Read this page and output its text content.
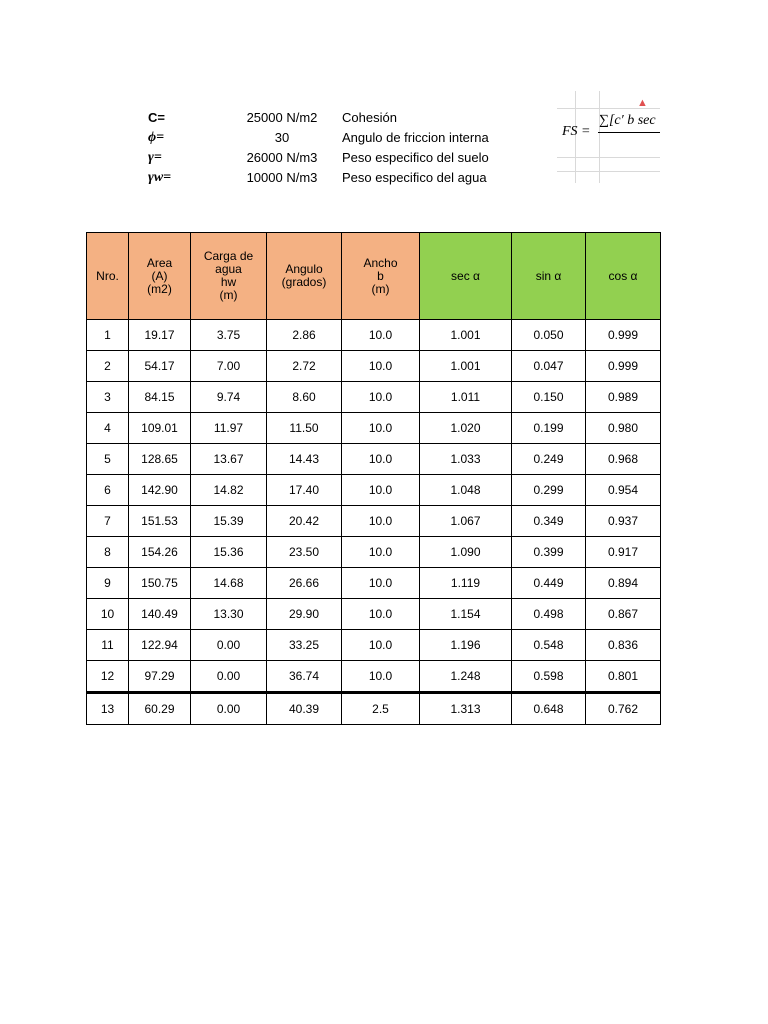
C=	25000 N/m2	Cohesión
ϕ=	30	Angulo de friccion interna
γ=	26000 N/m3	Peso especifico del suelo
γw=	10000 N/m3	Peso especifico del agua
▲
FS =
∑[c′ b sec
Nro.	Area
(A)
(m2)	Carga de
agua
hw
(m)	Angulo
(grados)	Ancho
b
(m)	sec α	sin α	cos α

1	19.17	3.75	2.86	10.0	1.001	0.050	0.999
2	54.17	7.00	2.72	10.0	1.001	0.047	0.999
3	84.15	9.74	8.60	10.0	1.011	0.150	0.989
4	109.01	11.97	11.50	10.0	1.020	0.199	0.980
5	128.65	13.67	14.43	10.0	1.033	0.249	0.968
6	142.90	14.82	17.40	10.0	1.048	0.299	0.954
7	151.53	15.39	20.42	10.0	1.067	0.349	0.937
8	154.26	15.36	23.50	10.0	1.090	0.399	0.917
9	150.75	14.68	26.66	10.0	1.119	0.449	0.894
10	140.49	13.30	29.90	10.0	1.154	0.498	0.867
11	122.94	0.00	33.25	10.0	1.196	0.548	0.836
12	97.29	0.00	36.74	10.0	1.248	0.598	0.801
13	60.29	0.00	40.39	2.5	1.313	0.648	0.762
